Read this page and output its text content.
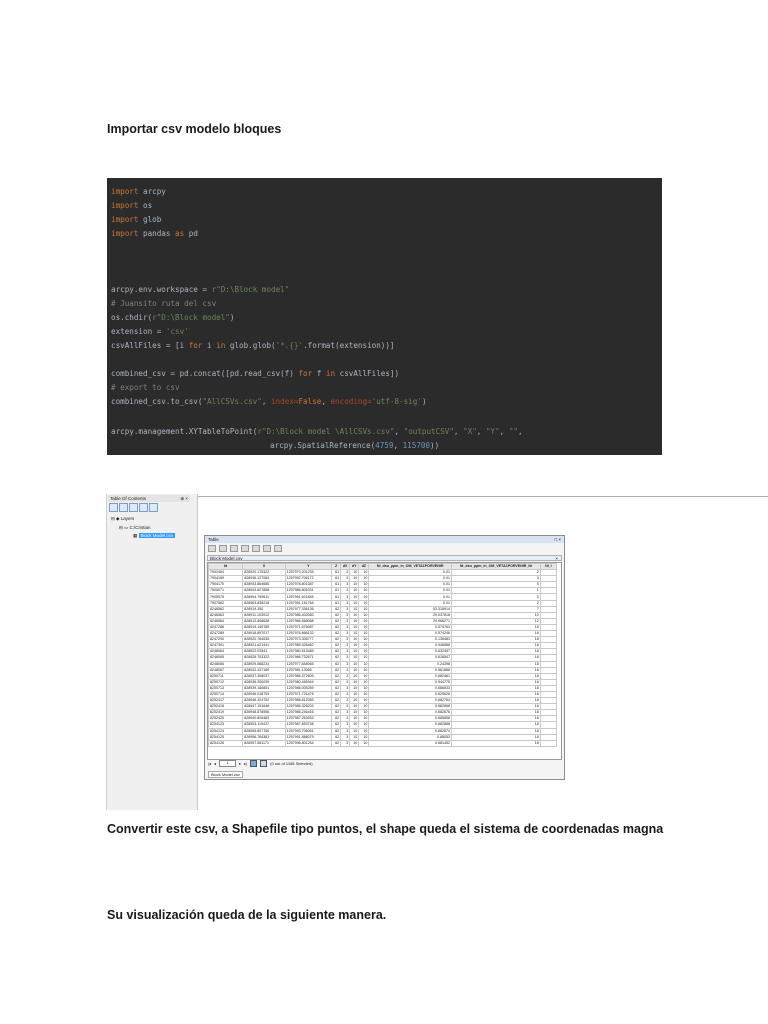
Importar csv modelo bloques
import arcpy
import os
import glob
import pandas as pd
arcpy.env.workspace = r"D:\Block model"
# Juansito ruta del csv
os.chdir(r"D:\Block model")
extension = 'csv'
csvAllFiles = [i for i in glob.glob('*.{}'.format(extension))]
combined_csv = pd.concat([pd.read_csv(f) for f in csvAllFiles])
# export to csv
combined_csv.to_csv("AllCSVs.csv", index=False, encoding='utf-8-sig')
arcpy.management.XYTableToPoint(r"D:\Block model \AllCSVs.csv", "outputCSV", "X", "Y", "",
arcpy.SpatialReference(4759, 115700))
Table Of Contents	⊕ ×
⊟ ◆ Layers
⊟ ▭ C:\Cristian
▦ Block Model.csv
Table	□ ×
Block Model.csv	×
Id	X	Y	Z	dX	dY	dZ	Ni_dsu_ppm_in_OM_VETA1PORVENIR	Ni_dsu_ppm_in_OM_VETA1PORVENIR_Ni	Ni_i
7902464	828920.175322	1257970.201239	61	3	10	10	0.01	2	
7904169	828946.127084	1257992.706172	61	3	10	10	0.01	3	
7904170	828943.864685	1257978.801387	61	3	10	10	0.01	5	
7905071	828943.827858	1257986.805331	61	3	10	10	0.01	1	
7905575	828954.759611	1257991.621845	61	3	10	10	0.01	3	
7907582	828963.838218	1257991.181764	61	3	10	10	0.01	2	
8246562	828919.350	1257977.336136	62	3	10	10	53.318914	7	
8246563	828911.103912	1257986.402083	62	3	10	10	29.037818	10	
8246564	828912.808628	1257986.568068	62	3	10	10	29.966271	12	
8247286	828919.149785	1257971.976087	62	3	10	10	0.575763	15	
8247289	828918.897017	1257976.868132	62	3	10	10	0.574246	16	
8247290	828920.764535	1257973.306777	62	3	10	10	0.136483	18	
8247391	828921.621441	1257989.326462	62	3	10	10	0.946588	18	
8248064	828922.02841	1257980.515489	62	3	10	10	0.632457	18	
8248065	828926.753322	1257986.732671	62	3	10	10	0.618547	18	
8248066	828929.568234	1257977.848065	62	3	10	10	0.24398	18	
8248067	828932.437180	1257981.13065	62	3	10	10	0.561868	18	
8250711	828937.308037	1257986.372609	62	3	10	10	0.682461	18	
8250712	828936.300039	1257980.465944	62	3	10	10	0.544775	18	
8250713	828939.166851	1257986.005259	62	3	10	10	0.686633	18	
8250714	828946.018753	1257971.721476	62	3	10	10	0.625628	18	
8252417	828946.324752	1257986.812083	62	3	10	10	0.682764	18	
8252418	828947.151646	1257986.326203	62	3	10	10	0.682868	18	
8252419	828948.878556	1257986.246416	62	3	10	10	0.682676	18	
8252420	828940.826483	1257987.263933	62	3	10	10	0.685858	18	
8254123	828953.119437	1257987.853746	62	3	10	10	0.682888	18	
8254124	828955.807760	1257993.706061	62	3	10	10	0.682874	18	
8254125	828956.764381	1257991.888079	62	3	10	10	0.88053	18	
8254126	828957.581171	1257996.801254	62	3	10	10	0.681452	18	
|◂ ◂	1	▸ ▸|	(0 out of 1185 Selected)
Block Model.csv
Convertir este csv, a Shapefile tipo puntos, el shape queda el sistema de coordenadas magna
Su visualización queda de la siguiente manera.
